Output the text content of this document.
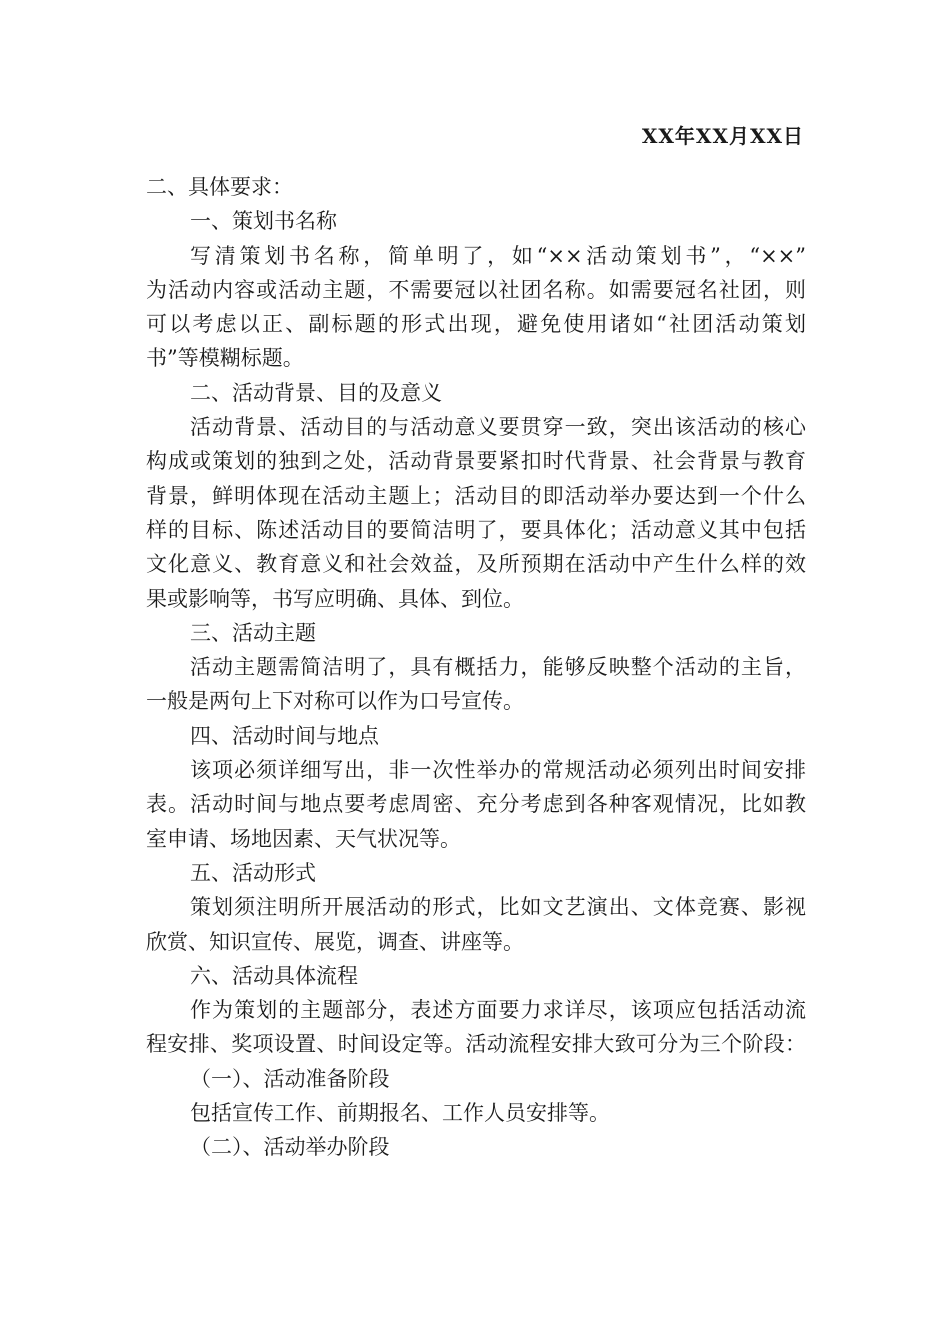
XX年XX月XX日
二、具体要求：
一、策划书名称
写清策划书名称，简单明了，如“××活动策划书”，“××”
为活动内容或活动主题，不需要冠以社团名称。如需要冠名社团，则
可以考虑以正、副标题的形式出现，避免使用诸如“社团活动策划
书”等模糊标题。
二、活动背景、目的及意义
活动背景、活动目的与活动意义要贯穿一致，突出该活动的核心
构成或策划的独到之处，活动背景要紧扣时代背景、社会背景与教育
背景，鲜明体现在活动主题上；活动目的即活动举办要达到一个什么
样的目标、陈述活动目的要简洁明了，要具体化；活动意义其中包括
文化意义、教育意义和社会效益，及所预期在活动中产生什么样的效
果或影响等，书写应明确、具体、到位。
三、活动主题
活动主题需简洁明了，具有概括力，能够反映整个活动的主旨，
一般是两句上下对称可以作为口号宣传。
四、活动时间与地点
该项必须详细写出，非一次性举办的常规活动必须列出时间安排
表。活动时间与地点要考虑周密、充分考虑到各种客观情况，比如教
室申请、场地因素、天气状况等。
五、活动形式
策划须注明所开展活动的形式，比如文艺演出、文体竞赛、影视
欣赏、知识宣传、展览，调查、讲座等。
六、活动具体流程
作为策划的主题部分，表述方面要力求详尽，该项应包括活动流
程安排、奖项设置、时间设定等。活动流程安排大致可分为三个阶段：
（一）、活动准备阶段
包括宣传工作、前期报名、工作人员安排等。
（二）、活动举办阶段
